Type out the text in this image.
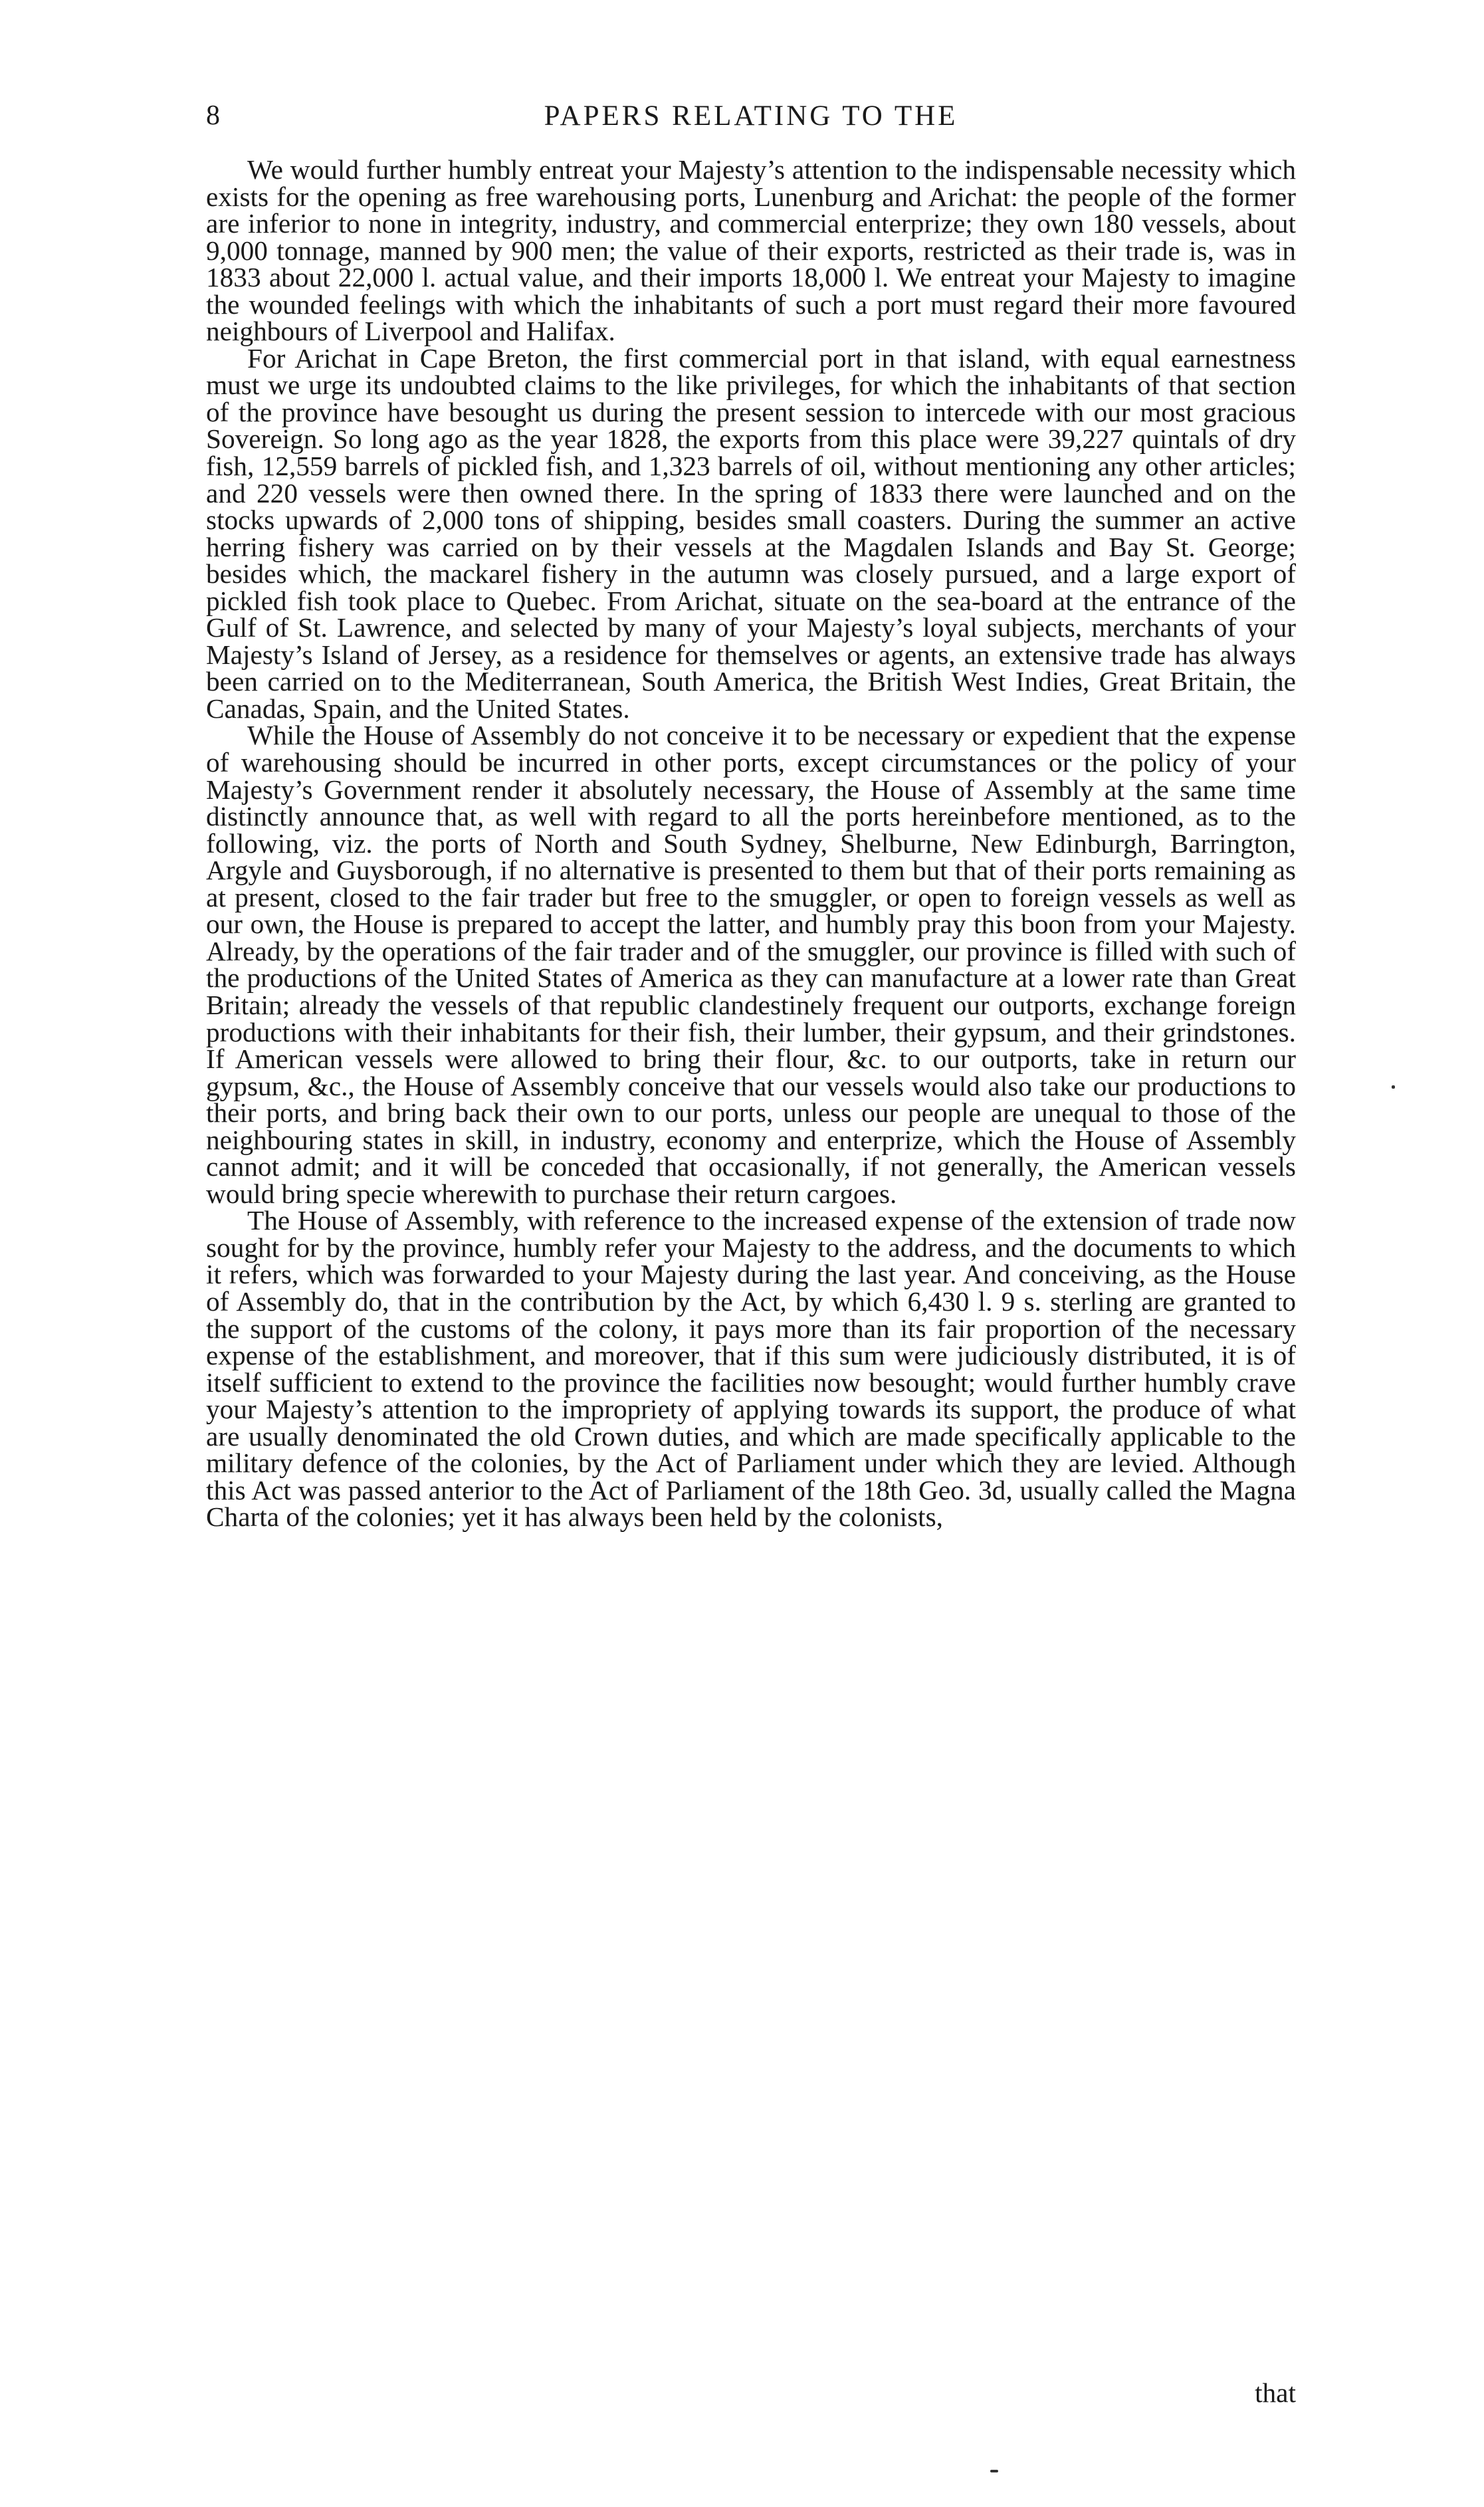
8	PAPERS RELATING TO THE

We would further humbly entreat your Majesty’s attention to the indispensable necessity which exists for the opening as free warehousing ports, Lunenburg and Arichat: the people of the former are inferior to none in integrity, industry, and commercial enterprize; they own 180 vessels, about 9,000 tonnage, manned by 900 men; the value of their exports, restricted as their trade is, was in 1833 about 22,000 l. actual value, and their imports 18,000 l. We entreat your Majesty to imagine the wounded feelings with which the inhabitants of such a port must regard their more favoured neighbours of Liverpool and Halifax.

For Arichat in Cape Breton, the first commercial port in that island, with equal earnestness must we urge its undoubted claims to the like privileges, for which the inhabitants of that section of the province have besought us during the present session to intercede with our most gracious Sovereign. So long ago as the year 1828, the exports from this place were 39,227 quintals of dry fish, 12,559 barrels of pickled fish, and 1,323 barrels of oil, without mentioning any other articles; and 220 vessels were then owned there. In the spring of 1833 there were launched and on the stocks upwards of 2,000 tons of shipping, besides small coasters. During the summer an active herring fishery was carried on by their vessels at the Magdalen Islands and Bay St. George; besides which, the mackarel fishery in the autumn was closely pursued, and a large export of pickled fish took place to Quebec. From Arichat, situate on the sea-board at the entrance of the Gulf of St. Lawrence, and selected by many of your Majesty’s loyal subjects, merchants of your Majesty’s Island of Jersey, as a residence for themselves or agents, an extensive trade has always been carried on to the Mediterranean, South America, the British West Indies, Great Britain, the Canadas, Spain, and the United States.

While the House of Assembly do not conceive it to be necessary or expedient that the expense of warehousing should be incurred in other ports, except circumstances or the policy of your Majesty’s Government render it absolutely necessary, the House of Assembly at the same time distinctly announce that, as well with regard to all the ports hereinbefore mentioned, as to the following, viz. the ports of North and South Sydney, Shelburne, New Edinburgh, Barrington, Argyle and Guysborough, if no alternative is presented to them but that of their ports remaining as at present, closed to the fair trader but free to the smuggler, or open to foreign vessels as well as our own, the House is prepared to accept the latter, and humbly pray this boon from your Majesty. Already, by the operations of the fair trader and of the smuggler, our province is filled with such of the productions of the United States of America as they can manufacture at a lower rate than Great Britain; already the vessels of that republic clandestinely frequent our outports, exchange foreign productions with their inhabitants for their fish, their lumber, their gypsum, and their grindstones. If American vessels were allowed to bring their flour, &c. to our outports, take in return our gypsum, &c., the House of Assembly conceive that our vessels would also take our productions to their ports, and bring back their own to our ports, unless our people are unequal to those of the neighbouring states in skill, in industry, economy and enterprize, which the House of Assembly cannot admit; and it will be conceded that occasionally, if not generally, the American vessels would bring specie wherewith to purchase their return cargoes.

The House of Assembly, with reference to the increased expense of the extension of trade now sought for by the province, humbly refer your Majesty to the address, and the documents to which it refers, which was forwarded to your Majesty during the last year. And conceiving, as the House of Assembly do, that in the contribution by the Act, by which 6,430 l. 9 s. sterling are granted to the support of the customs of the colony, it pays more than its fair proportion of the necessary expense of the establishment, and moreover, that if this sum were judiciously distributed, it is of itself sufficient to extend to the province the facilities now besought; would further humbly crave your Majesty’s attention to the impropriety of applying towards its support, the produce of what are usually denominated the old Crown duties, and which are made specifically applicable to the military defence of the colonies, by the Act of Parliament under which they are levied. Although this Act was passed anterior to the Act of Parliament of the 18th Geo. 3d, usually called the Magna Charta of the colonies; yet it has always been held by the colonists,

that
